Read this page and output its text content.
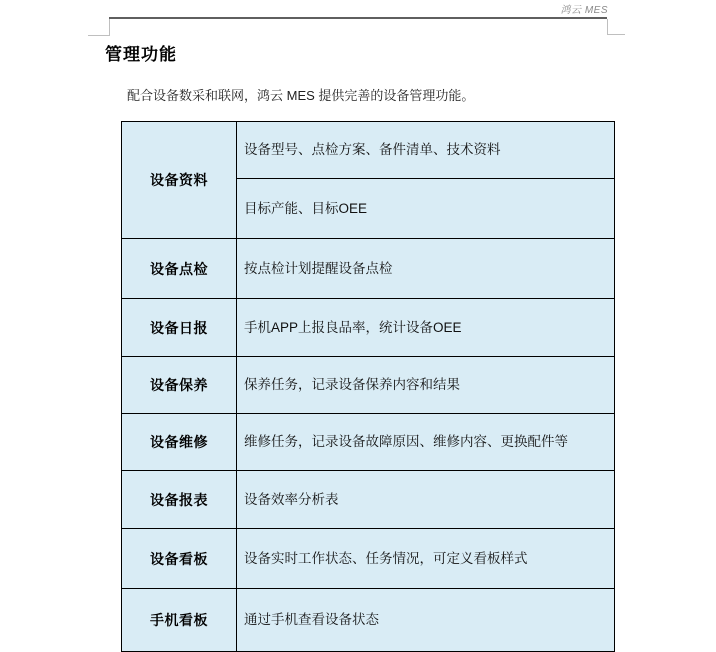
鸿云 MES
管理功能
配合设备数采和联网，鸿云 MES 提供完善的设备管理功能。
设备资料	设备型号、点检方案、备件清单、技术资料
	目标产能、目标OEE
设备点检	按点检计划提醒设备点检
设备日报	手机APP上报良品率，统计设备OEE
设备保养	保养任务，记录设备保养内容和结果
设备维修	维修任务，记录设备故障原因、维修内容、更换配件等
设备报表	设备效率分析表
设备看板	设备实时工作状态、任务情况，可定义看板样式
手机看板	通过手机查看设备状态
